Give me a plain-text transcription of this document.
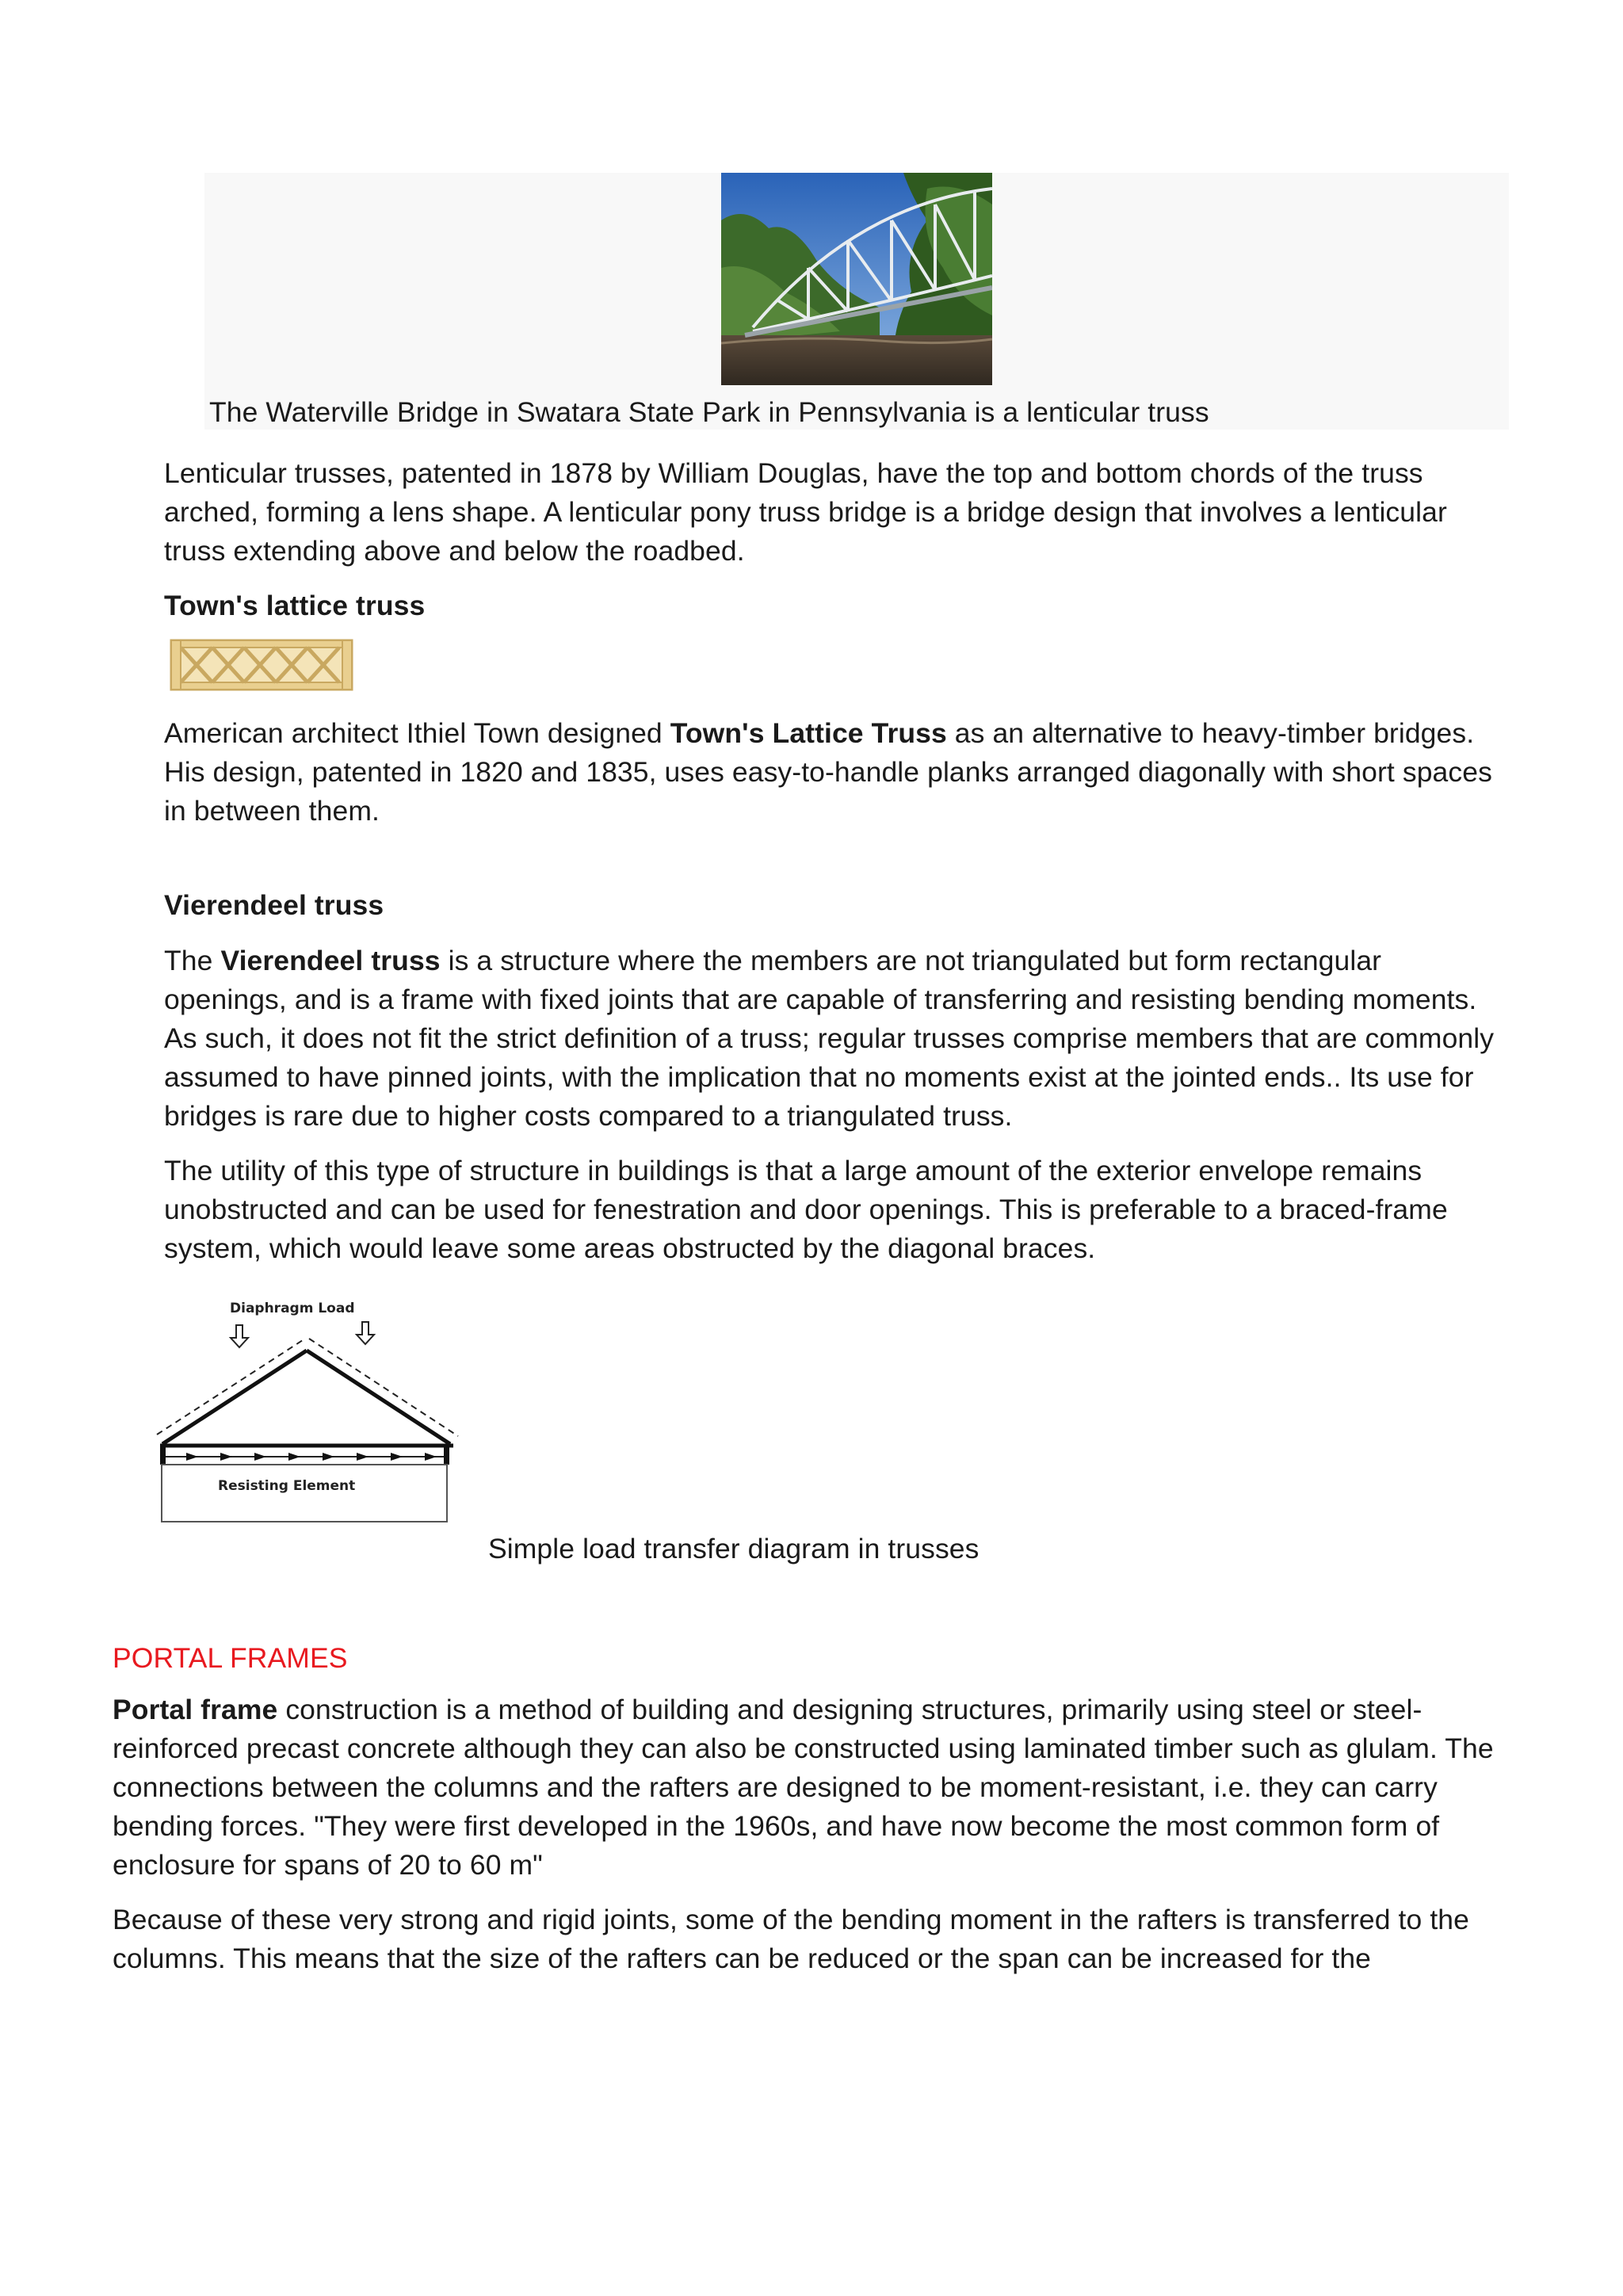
The Waterville Bridge in Swatara State Park in Pennsylvania is a lenticular truss
Lenticular trusses, patented in 1878 by William Douglas, have the top and bottom chords of the truss arched, forming a lens shape. A lenticular pony truss bridge is a bridge design that involves a lenticular truss extending above and below the roadbed.
Town's lattice truss
American architect Ithiel Town designed Town's Lattice Truss as an alternative to heavy-timber bridges. His design, patented in 1820 and 1835, uses easy-to-handle planks arranged diagonally with short spaces in between them.
Vierendeel truss
The Vierendeel truss is a structure where the members are not triangulated but form rectangular openings, and is a frame with fixed joints that are capable of transferring and resisting bending moments. As such, it does not fit the strict definition of a truss; regular trusses comprise members that are commonly assumed to have pinned joints, with the implication that no moments exist at the jointed ends.. Its use for bridges is rare due to higher costs compared to a triangulated truss.
The utility of this type of structure in buildings is that a large amount of the exterior envelope remains unobstructed and can be used for fenestration and door openings. This is preferable to a braced-frame system, which would leave some areas obstructed by the diagonal braces.
Diaphragm Load
Resisting Element
Simple load transfer diagram in trusses
PORTAL FRAMES
Portal frame construction is a method of building and designing structures, primarily using steel or steel-reinforced precast concrete although they can also be constructed using laminated timber such as glulam. The connections between the columns and the rafters are designed to be moment-resistant, i.e. they can carry bending forces. "They were first developed in the 1960s, and have now become the most common form of enclosure for spans of 20 to 60 m"
Because of these very strong and rigid joints, some of the bending moment in the rafters is transferred to the columns. This means that the size of the rafters can be reduced or the span can be increased for the
